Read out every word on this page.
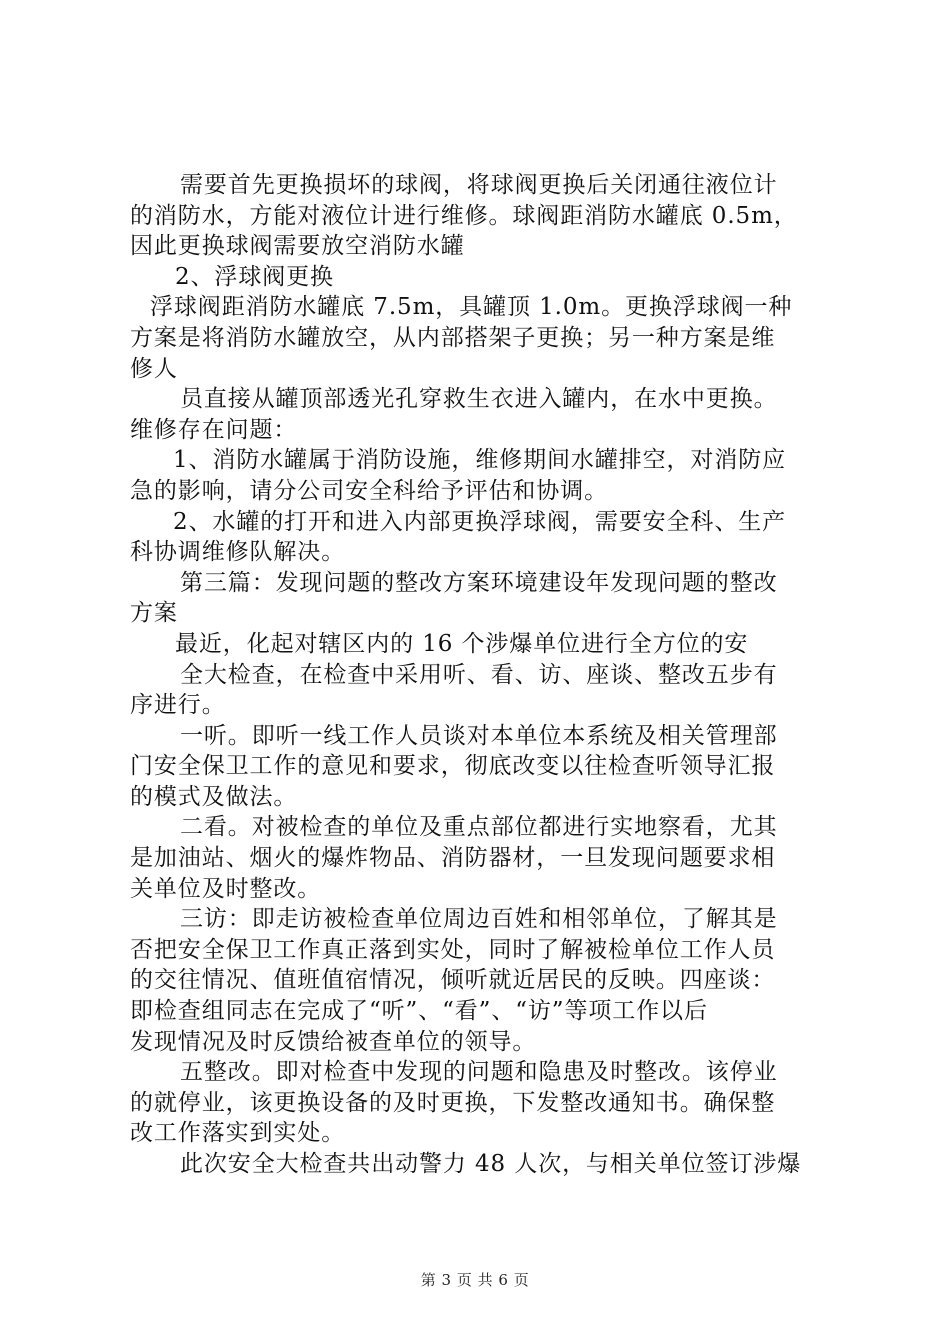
需要首先更换损坏的球阀，将球阀更换后关闭通往液位计
的消防水，方能对液位计进行维修。球阀距消防水罐底 0.5m，
因此更换球阀需要放空消防水罐
2、浮球阀更换
浮球阀距消防水罐底 7.5m，具罐顶 1.0m。更换浮球阀一种
方案是将消防水罐放空，从内部搭架子更换；另一种方案是维
修人
员直接从罐顶部透光孔穿救生衣进入罐内，在水中更换。
维修存在问题：
1、消防水罐属于消防设施，维修期间水罐排空，对消防应
急的影响，请分公司安全科给予评估和协调。
2、水罐的打开和进入内部更换浮球阀，需要安全科、生产
科协调维修队解决。
第三篇：发现问题的整改方案环境建设年发现问题的整改
方案
最近，化起对辖区内的 16 个涉爆单位进行全方位的安
全大检查，在检查中采用听、看、访、座谈、整改五步有
序进行。
一听。即听一线工作人员谈对本单位本系统及相关管理部
门安全保卫工作的意见和要求，彻底改变以往检查听领导汇报
的模式及做法。
二看。对被检查的单位及重点部位都进行实地察看，尤其
是加油站、烟火的爆炸物品、消防器材，一旦发现问题要求相
关单位及时整改。
三访：即走访被检查单位周边百姓和相邻单位，了解其是
否把安全保卫工作真正落到实处，同时了解被检单位工作人员
的交往情况、值班值宿情况，倾听就近居民的反映。四座谈：
即检查组同志在完成了“听”、“看”、“访”等项工作以后
发现情况及时反馈给被查单位的领导。
五整改。即对检查中发现的问题和隐患及时整改。该停业
的就停业，该更换设备的及时更换，下发整改通知书。确保整
改工作落实到实处。
此次安全大检查共出动警力 48 人次，与相关单位签订涉爆
第 3 页 共 6 页
